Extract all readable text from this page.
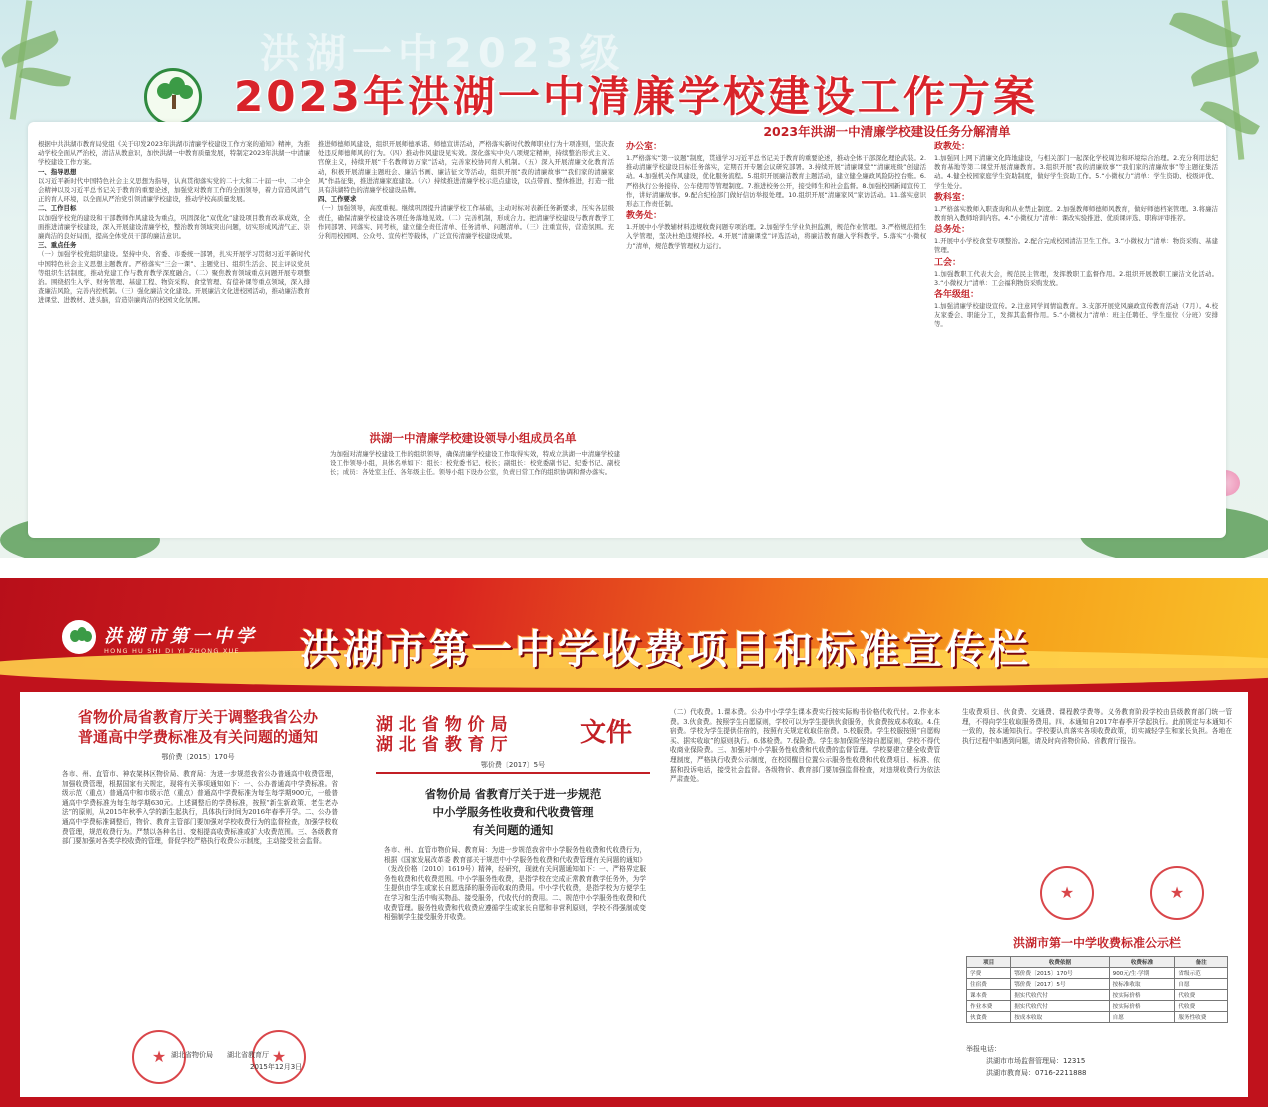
洪湖一中2023级
2023年洪湖一中清廉学校建设工作方案

根据中共洪湖市教育局党组《关于印发2023年洪湖市清廉学校建设工作方案的通知》精神，为推动学校全面从严治校，清洁从教意识，加快洪湖一中教育质量发展，特制定2023年洪湖一中清廉学校建设工作方案。

一、指导思想

以习近平新时代中国特色社会主义思想为指导，认真贯彻落实党的二十大和二十届一中、二中全会精神以及习近平总书记关于教育的重要论述，加强党对教育工作的全面领导，着力营造风清气正的育人环境，以全面从严治党引领清廉学校建设，推动学校高质量发展。

二、工作目标

以加强学校党的建设和干部教师作风建设为重点，巩固深化“双优化”建设项目教育改革成效，全面推进清廉学校建设，深入开展建设清廉学校，整治教育领域突出问题，切实形成风清气正、崇廉尚洁的良好局面，提高全体党员干部的廉洁意识。

三、重点任务

（一）加强学校党组织建设。坚持中央、省委、市委统一部署，扎实开展学习贯彻习近平新时代中国特色社会主义思想主题教育。严格落实“三会一课”、主题党日、组织生活会、民主评议党员等组织生活制度，推动党建工作与教育教学深度融合。（二）聚焦教育领域重点问题开展专项整治。围绕招生入学、财务管理、基建工程、物资采购、食堂管理、有偿补课等重点领域，深入排查廉洁风险，完善内控机制。（三）强化廉洁文化建设。开展廉洁文化进校园活动，推动廉洁教育进课堂、进教材、进头脑，营造崇廉尚洁的校园文化氛围。

推进师德师风建设，组织开展师德承诺、师德宣讲活动，严格落实新时代教师职业行为十项准则，坚决查处违反师德师风的行为。（四）推动作风建设见实效。深化落实中央八项规定精神，持续整治形式主义、官僚主义，持续开展“千名教师访万家”活动，完善家校协同育人机制。（五）深入开展清廉文化教育活动，积极开展清廉主题班会、廉洁书画、廉洁征文等活动，组织开展“我的清廉故事”“我们家的清廉家风”作品征集，推进清廉家庭建设。（六）持续推进清廉学校示范点建设，以点带面、整体推进，打造一批具有洪湖特色的清廉学校建设品牌。

四、工作要求

（一）加强领导，高度重视。继续巩固提升清廉学校工作基础，主动对标对表新任务新要求，压实各层级责任，确保清廉学校建设各项任务落地见效。（二）完善机制，形成合力。把清廉学校建设与教育教学工作同部署、同落实、同考核，建立健全责任清单、任务清单、问题清单。（三）注重宣传，营造氛围。充分利用校园网、公众号、宣传栏等载体，广泛宣传清廉学校建设成果。

洪湖一中清廉学校建设领导小组成员名单

为加强对清廉学校建设工作的组织领导，确保清廉学校建设工作取得实效，特成立洪湖一中清廉学校建设工作领导小组，具体名单如下：组长：校党委书记、校长；副组长：校党委副书记、纪委书记、副校长；成员：各处室主任、各年级主任。领导小组下设办公室，负责日常工作的组织协调和督办落实。

2023年洪湖一中清廉学校建设任务分解清单

办公室：

1.严格落实“第一议题”制度，贯通学习习近平总书记关于教育的重要论述，推动全体干部深化理论武装。2.推动清廉学校建设目标任务落实，定期召开专题会议研究部署。3.持续开展“清廉课堂”“清廉班级”创建活动。4.加强机关作风建设，优化服务流程。5.组织开展廉洁教育主题活动，建立健全廉政风险防控台账。6.严格执行公务接待、公车使用等管理制度。7.推进校务公开，接受师生和社会监督。8.加强校园新闻宣传工作，讲好清廉故事。9.配合纪检部门做好信访举报处理。10.组织开展“清廉家风”家访活动。11.落实意识形态工作责任制。

教务处：

1.开展中小学教辅材料违规收费问题专项治理。2.加强学生学业负担监测，规范作业管理。3.严格规范招生入学管理，坚决杜绝违规择校。4.开展“清廉课堂”评选活动，将廉洁教育融入学科教学。5.落实“小微权力”清单，规范教学管理权力运行。

政教处：

1.加强同上网下清廉文化阵地建设，与相关部门一起深化学校周边和环境综合治理。2.充分利用法纪教育基地等第二课堂开展清廉教育。3.组织开展“我的清廉故事”“我们家的清廉故事”等主题征集活动。4.健全校园家庭学生资助制度，做好学生资助工作。5.“小微权力”清单：学生资助、校级评优、学生处分。

教科室：

1.严格落实教师入职查询和从业禁止制度。2.加强教师师德师风教育，做好师德档案管理。3.将廉洁教育纳入教师培训内容。4.“小微权力”清单：课改实验推进、优质课评选、职称评审推荐。

总务处：

1.开展中小学校食堂专项整治。2.配合完成校园清洁卫生工作。3.“小微权力”清单：物资采购、基建管理。

工会：

1.加强教职工代表大会，规范民主管理，发挥教职工监督作用。2.组织开展教职工廉洁文化活动。3.“小微权力”清单：工会福利物资采购发放。

各年级组：

1.加强清廉学校建设宣传。2.注意同学间情谊教育。3.支部开展党风廉政宣传教育活动（7月）。4.校友家委会、职能分工，发挥其监督作用。5.“小微权力”清单：班主任聘任、学生座位（分班）安排等。

洪湖市第一中学
HONG HU SHI DI YI ZHONG XUE	洪湖市第一中学收费项目和标准宣传栏
省物价局省教育厅关于调整我省公办
普通高中学费标准及有关问题的通知
鄂价费〔2015〕170号

各市、州、直管市、神农架林区物价局、教育局：为进一步规范我省公办普通高中收费管理，加强收费管理，根据国家有关规定，现将有关事项通知如下：一、公办普通高中学费标准。省级示范（重点）普通高中和市级示范（重点）普通高中学费标准为每生每学期900元，一般普通高中学费标准为每生每学期630元。上述调整后的学费标准，按照“新生新政策、老生老办法”的原则，从2015年秋季入学的新生起执行，具体执行时间为2016年春季开学。二、公办普通高中学费标准调整后，物价、教育主管部门要加强对学校收费行为的监督检查，加强学校收费管理，规范收费行为。严禁以各种名目、变相提高收费标准或扩大收费范围。三、各级教育部门要加强对各类学校收费的管理，督促学校严格执行收费公示制度，主动接受社会监督。

★	★
湖北省物价局　　湖北省教育厅
2015年12月3日
湖 北 省 物 价 局
湖 北 省 教 育 厅	文件
鄂价费〔2017〕5号
省物价局 省教育厅关于进一步规范
中小学服务性收费和代收费管理
有关问题的通知

各市、州、直管市物价局、教育局：为进一步规范我省中小学服务性收费和代收费行为，根据《国家发展改革委 教育部关于规范中小学服务性收费和代收费管理有关问题的通知》（发改价格〔2010〕1619号）精神，经研究，现就有关问题通知如下：一、严格界定服务性收费和代收费范围。中小学服务性收费，是指学校在完成正常教育教学任务外，为学生提供由学生或家长自愿选择的服务而收取的费用。中小学代收费，是指学校为方便学生在学习和生活中购买物品、接受服务，代收代付的费用。二、规范中小学服务性收费和代收费管理。服务性收费和代收费应遵循学生或家长自愿和非营利原则，学校不得强制或变相强制学生接受服务并收费。

（二）代收费。1.课本费。公办中小学学生课本费实行按实际购书价格代收代付。2.作业本费。3.伙食费。按照学生自愿原则，学校可以为学生提供伙食服务，伙食费按成本收取。4.住宿费。学校为学生提供住宿的，按照有关规定收取住宿费。5.校服费。学生校服按照“自愿购买、据实收取”的原则执行。6.体检费。7.保险费。学生参加保险坚持自愿原则，学校不得代收商业保险费。三、加强对中小学服务性收费和代收费的监督管理。学校要建立健全收费管理制度，严格执行收费公示制度，在校园醒目位置公示服务性收费和代收费项目、标准、依据和投诉电话，接受社会监督。各级物价、教育部门要加强监督检查，对违规收费行为依法严肃查处。

生收费项目、伙食费、交通费、课程教学费等。义务教育阶段学校由县级教育部门统一管理，不得向学生收取服务费用。四、本通知自2017年春季开学起执行。此前规定与本通知不一致的，按本通知执行。学校要认真落实各项收费政策，切实减轻学生和家长负担。各地在执行过程中如遇到问题，请及时向省物价局、省教育厅报告。

★	★
洪湖市第一中学收费标准公示栏
项目	收费依据	收费标准	备注
学费	鄂价费〔2015〕170号	900元/生·学期	省级示范
住宿费	鄂价费〔2017〕5号	按标准收取	自愿
课本费	据实代收代付	按实际价格	代收费
作业本费	据实代收代付	按实际价格	代收费
伙食费	按成本收取	自愿	服务性收费
举报电话：
洪湖市市场监督管理局：12315
洪湖市教育局：0716-2211888
